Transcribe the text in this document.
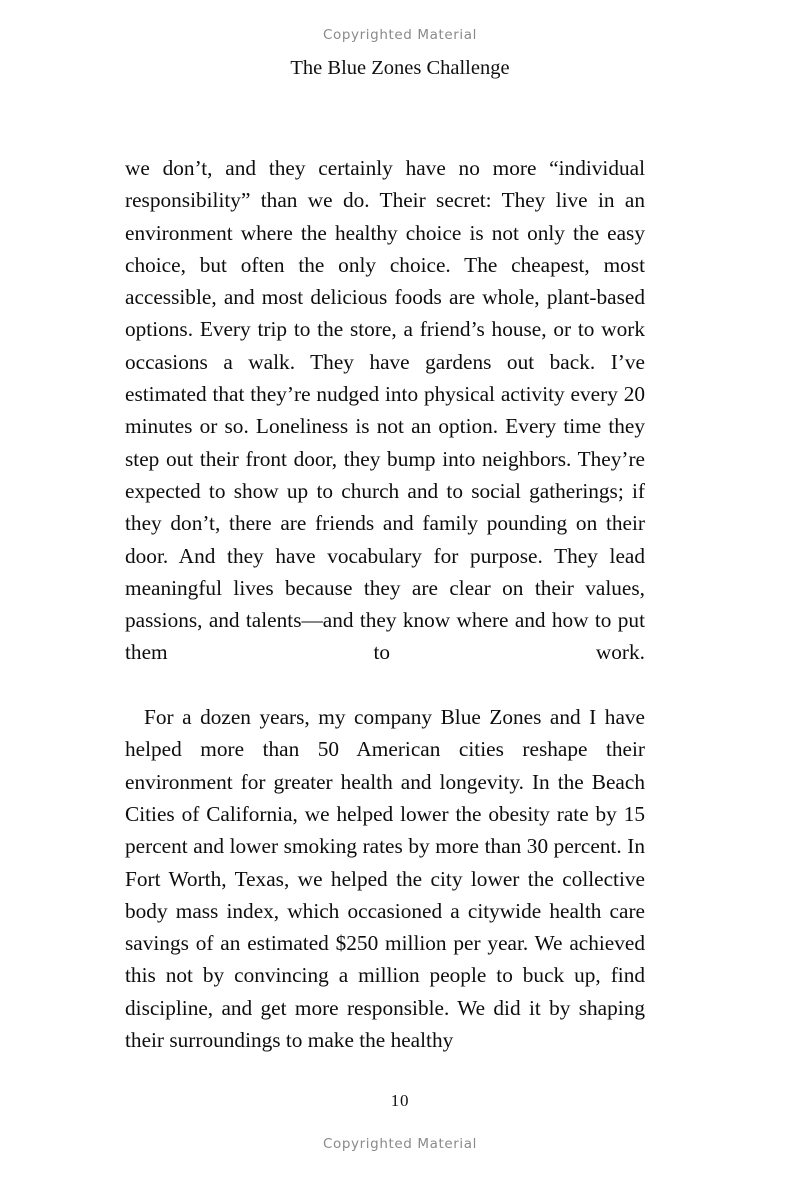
Copyrighted Material
The Blue Zones Challenge

we don’t, and they certainly have no more “individual responsibility” than we do. Their secret: They live in an environment where the healthy choice is not only the easy choice, but often the only choice. The cheapest, most accessible, and most delicious foods are whole, plant-based options. Every trip to the store, a friend’s house, or to work occasions a walk. They have gardens out back. I’ve estimated that they’re nudged into physical activity every 20 minutes or so. Loneliness is not an option. Every time they step out their front door, they bump into neighbors. They’re expected to show up to church and to social gatherings; if they don’t, there are friends and family pounding on their door. And they have vocabulary for purpose. They lead meaningful lives because they are clear on their values, passions, and talents—and they know where and how to put them to work.

For a dozen years, my company Blue Zones and I have helped more than 50 American cities reshape their environment for greater health and longevity. In the Beach Cities of California, we helped lower the obesity rate by 15 percent and lower smoking rates by more than 30 percent. In Fort Worth, Texas, we helped the city lower the collective body mass index, which occasioned a citywide health care savings of an estimated $250 million per year. We achieved this not by convincing a million people to buck up, find discipline, and get more responsible. We did it by shaping their surroundings to make the healthy

10
Copyrighted Material
